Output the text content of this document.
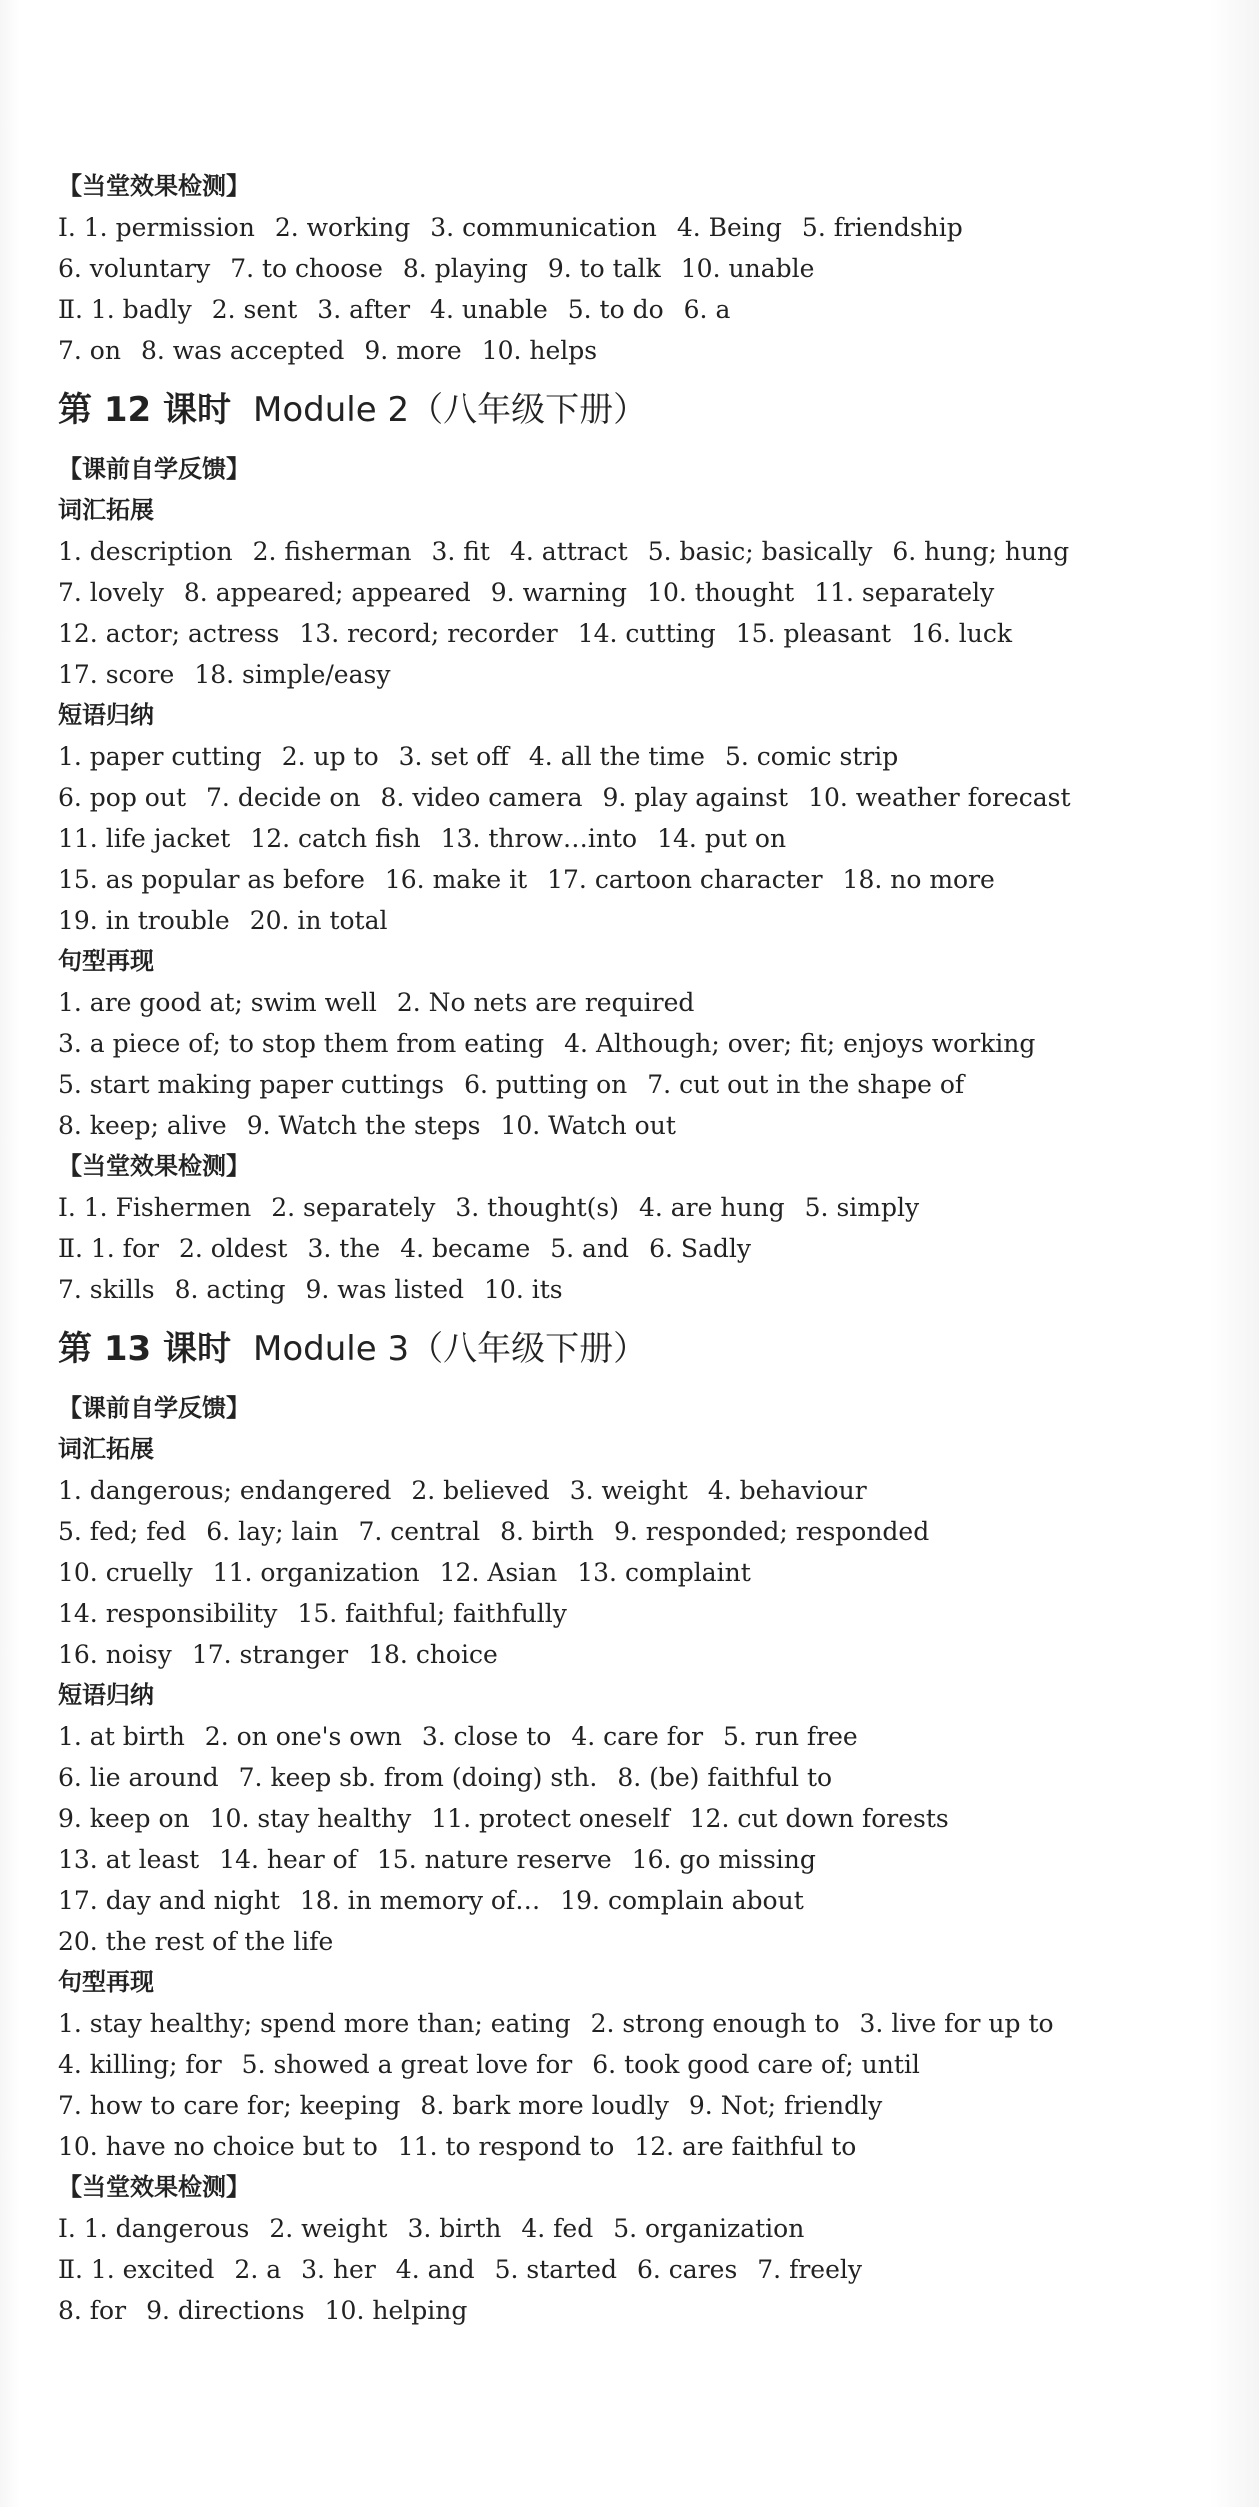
【当堂效果检测】
Ⅰ. 1. permission 2. working 3. communication 4. Being 5. friendship
6. voluntary 7. to choose 8. playing 9. to talk 10. unable
Ⅱ. 1. badly 2. sent 3. after 4. unable 5. to do 6. a
7. on 8. was accepted 9. more 10. helps
第 12 课时 Module 2（八年级下册）
【课前自学反馈】
词汇拓展
1. description 2. fisherman 3. fit 4. attract 5. basic; basically 6. hung; hung
7. lovely 8. appeared; appeared 9. warning 10. thought 11. separately
12. actor; actress 13. record; recorder 14. cutting 15. pleasant 16. luck
17. score 18. simple/easy
短语归纳
1. paper cutting 2. up to 3. set off 4. all the time 5. comic strip
6. pop out 7. decide on 8. video camera 9. play against 10. weather forecast
11. life jacket 12. catch fish 13. throw…into 14. put on
15. as popular as before 16. make it 17. cartoon character 18. no more
19. in trouble 20. in total
句型再现
1. are good at; swim well 2. No nets are required
3. a piece of; to stop them from eating 4. Although; over; fit; enjoys working
5. start making paper cuttings 6. putting on 7. cut out in the shape of
8. keep; alive 9. Watch the steps 10. Watch out
【当堂效果检测】
Ⅰ. 1. Fishermen 2. separately 3. thought(s) 4. are hung 5. simply
Ⅱ. 1. for 2. oldest 3. the 4. became 5. and 6. Sadly
7. skills 8. acting 9. was listed 10. its
第 13 课时 Module 3（八年级下册）
【课前自学反馈】
词汇拓展
1. dangerous; endangered 2. believed 3. weight 4. behaviour
5. fed; fed 6. lay; lain 7. central 8. birth 9. responded; responded
10. cruelly 11. organization 12. Asian 13. complaint
14. responsibility 15. faithful; faithfully
16. noisy 17. stranger 18. choice
短语归纳
1. at birth 2. on one's own 3. close to 4. care for 5. run free
6. lie around 7. keep sb. from (doing) sth. 8. (be) faithful to
9. keep on 10. stay healthy 11. protect oneself 12. cut down forests
13. at least 14. hear of 15. nature reserve 16. go missing
17. day and night 18. in memory of… 19. complain about
20. the rest of the life
句型再现
1. stay healthy; spend more than; eating 2. strong enough to 3. live for up to
4. killing; for 5. showed a great love for 6. took good care of; until
7. how to care for; keeping 8. bark more loudly 9. Not; friendly
10. have no choice but to 11. to respond to 12. are faithful to
【当堂效果检测】
Ⅰ. 1. dangerous 2. weight 3. birth 4. fed 5. organization
Ⅱ. 1. excited 2. a 3. her 4. and 5. started 6. cares 7. freely
8. for 9. directions 10. helping
